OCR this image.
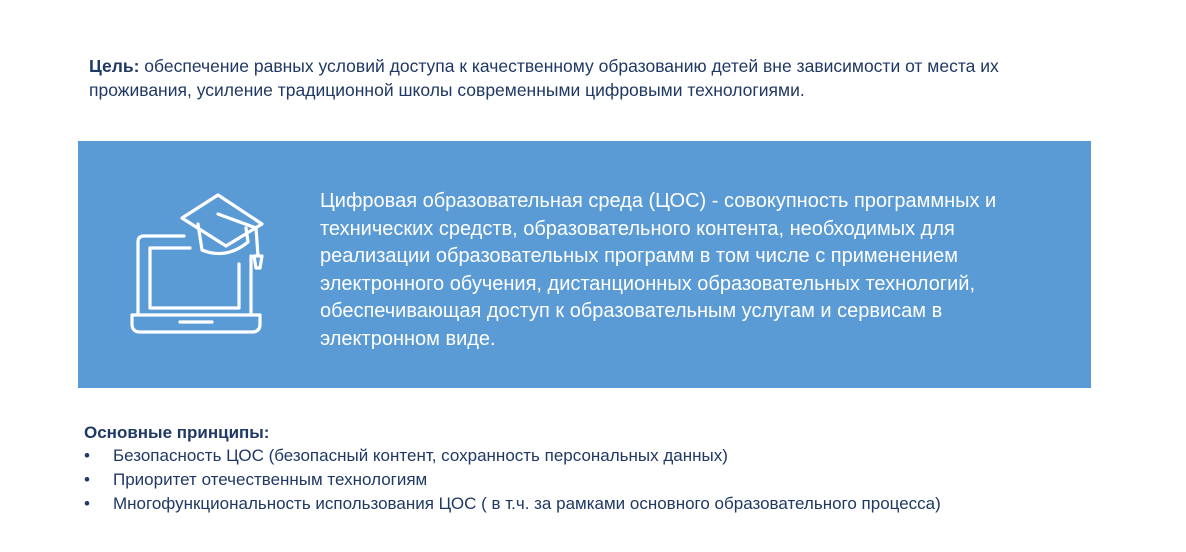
Цель: обеспечение равных условий доступа к качественному образованию детей вне зависимости от места их проживания, усиление традиционной школы современными цифровыми технологиями.
Цифровая образовательная среда (ЦОС) - совокупность программных и технических средств, образовательного контента, необходимых для реализации образовательных программ в том числе с применением электронного обучения, дистанционных образовательных технологий, обеспечивающая доступ к образовательным услугам и сервисам в электронном виде.
Основные принципы:
• Безопасность ЦОС (безопасный контент, сохранность персональных данных)
• Приоритет отечественным технологиям
• Многофункциональность использования ЦОС ( в т.ч. за рамками основного образовательного процесса)
